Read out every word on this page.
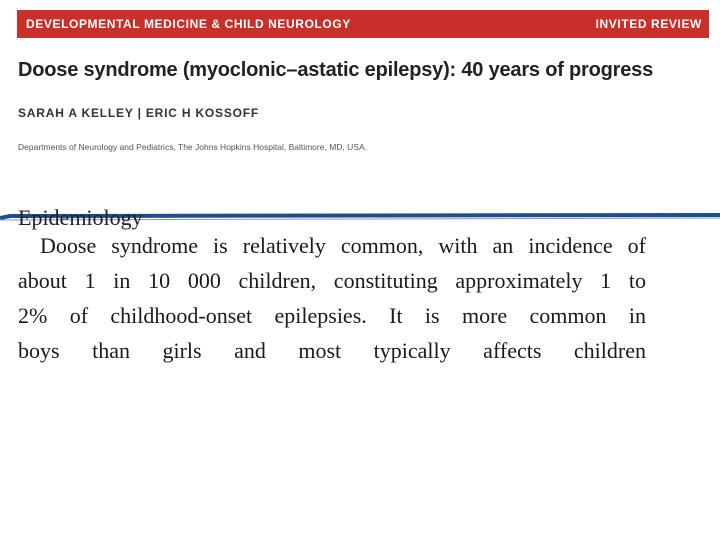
DEVELOPMENTAL MEDICINE & CHILD NEUROLOGY	INVITED REVIEW
Doose syndrome (myoclonic–astatic epilepsy): 40 years of progress
SARAH A KELLEY | ERIC H KOSSOFF
Departments of Neurology and Pediatrics, The Johns Hopkins Hospital, Baltimore, MD, USA.

Epidemiology

Doose syndrome is relatively common, with an incidence of
about 1 in 10 000 children, constituting approximately 1 to
2% of childhood-onset epilepsies. It is more common in
boys than girls and most typically affects children
